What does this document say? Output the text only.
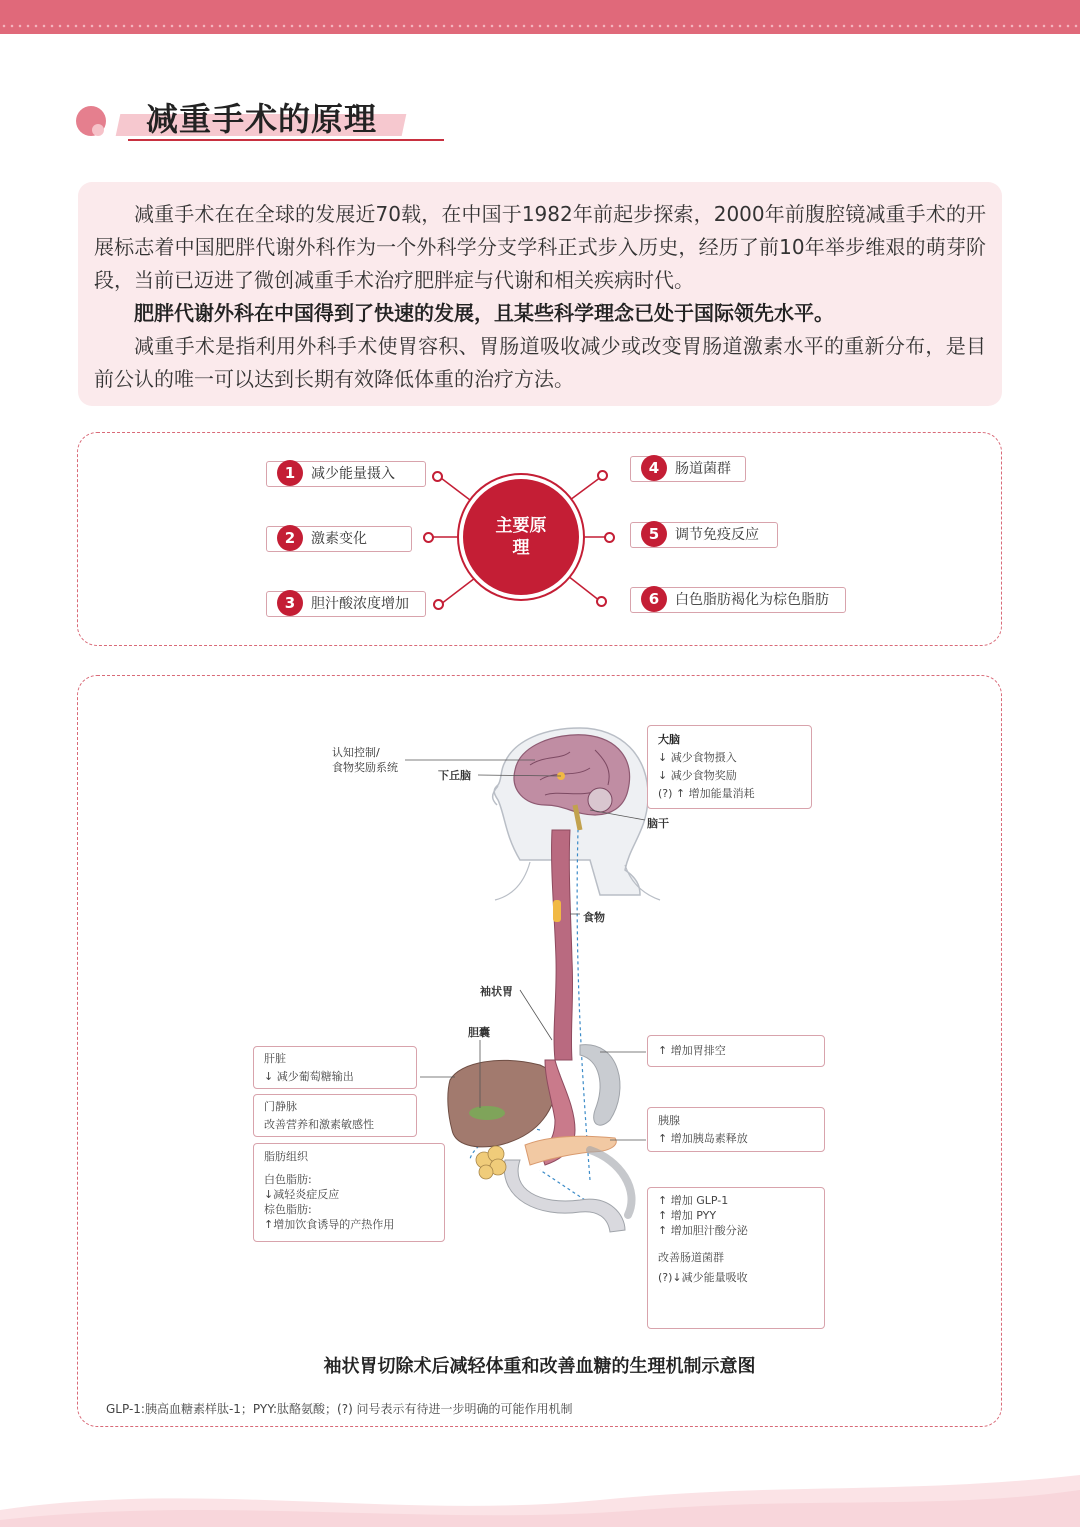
减重手术的原理

减重手术在在全球的发展近70载，在中国于1982年前起步探索，2000年前腹腔镜减重手术的开展标志着中国肥胖代谢外科作为一个外科学分支学科正式步入历史，经历了前10年举步维艰的萌芽阶段，当前已迈进了微创减重手术治疗肥胖症与代谢和相关疾病时代。

肥胖代谢外科在中国得到了快速的发展，且某些科学理念已处于国际领先水平。

减重手术是指利用外科手术使胃容积、胃肠道吸收减少或改变胃肠道激素水平的重新分布，是目前公认的唯一可以达到长期有效降低体重的治疗方法。

主要原理
1	减少能量摄入
2	激素变化
3	胆汁酸浓度增加
4	肠道菌群
5	调节免疫反应
6	白色脂肪褐化为棕色脂肪
认知控制/
食物奖励系统
下丘脑
脑干
食物
袖状胃
胆囊
大脑
↓ 减少食物摄入
↓ 减少食物奖励
(?) ↑ 增加能量消耗
肝脏
↓ 减少葡萄糖输出
门静脉
改善营养和激素敏感性
脂肪组织

白色脂肪:
↓减轻炎症反应
棕色脂肪:
↑增加饮食诱导的产热作用
↑ 增加胃排空
胰腺
↑ 增加胰岛素释放
↑ 增加 GLP-1
↑ 增加 PYY
↑ 增加胆汁酸分泌

改善肠道菌群

(?)↓减少能量吸收

袖状胃切除术后减轻体重和改善血糖的生理机制示意图

GLP-1:胰高血糖素样肽-1；PYY:肽酪氨酸；(?) 问号表示有待进一步明确的可能作用机制
